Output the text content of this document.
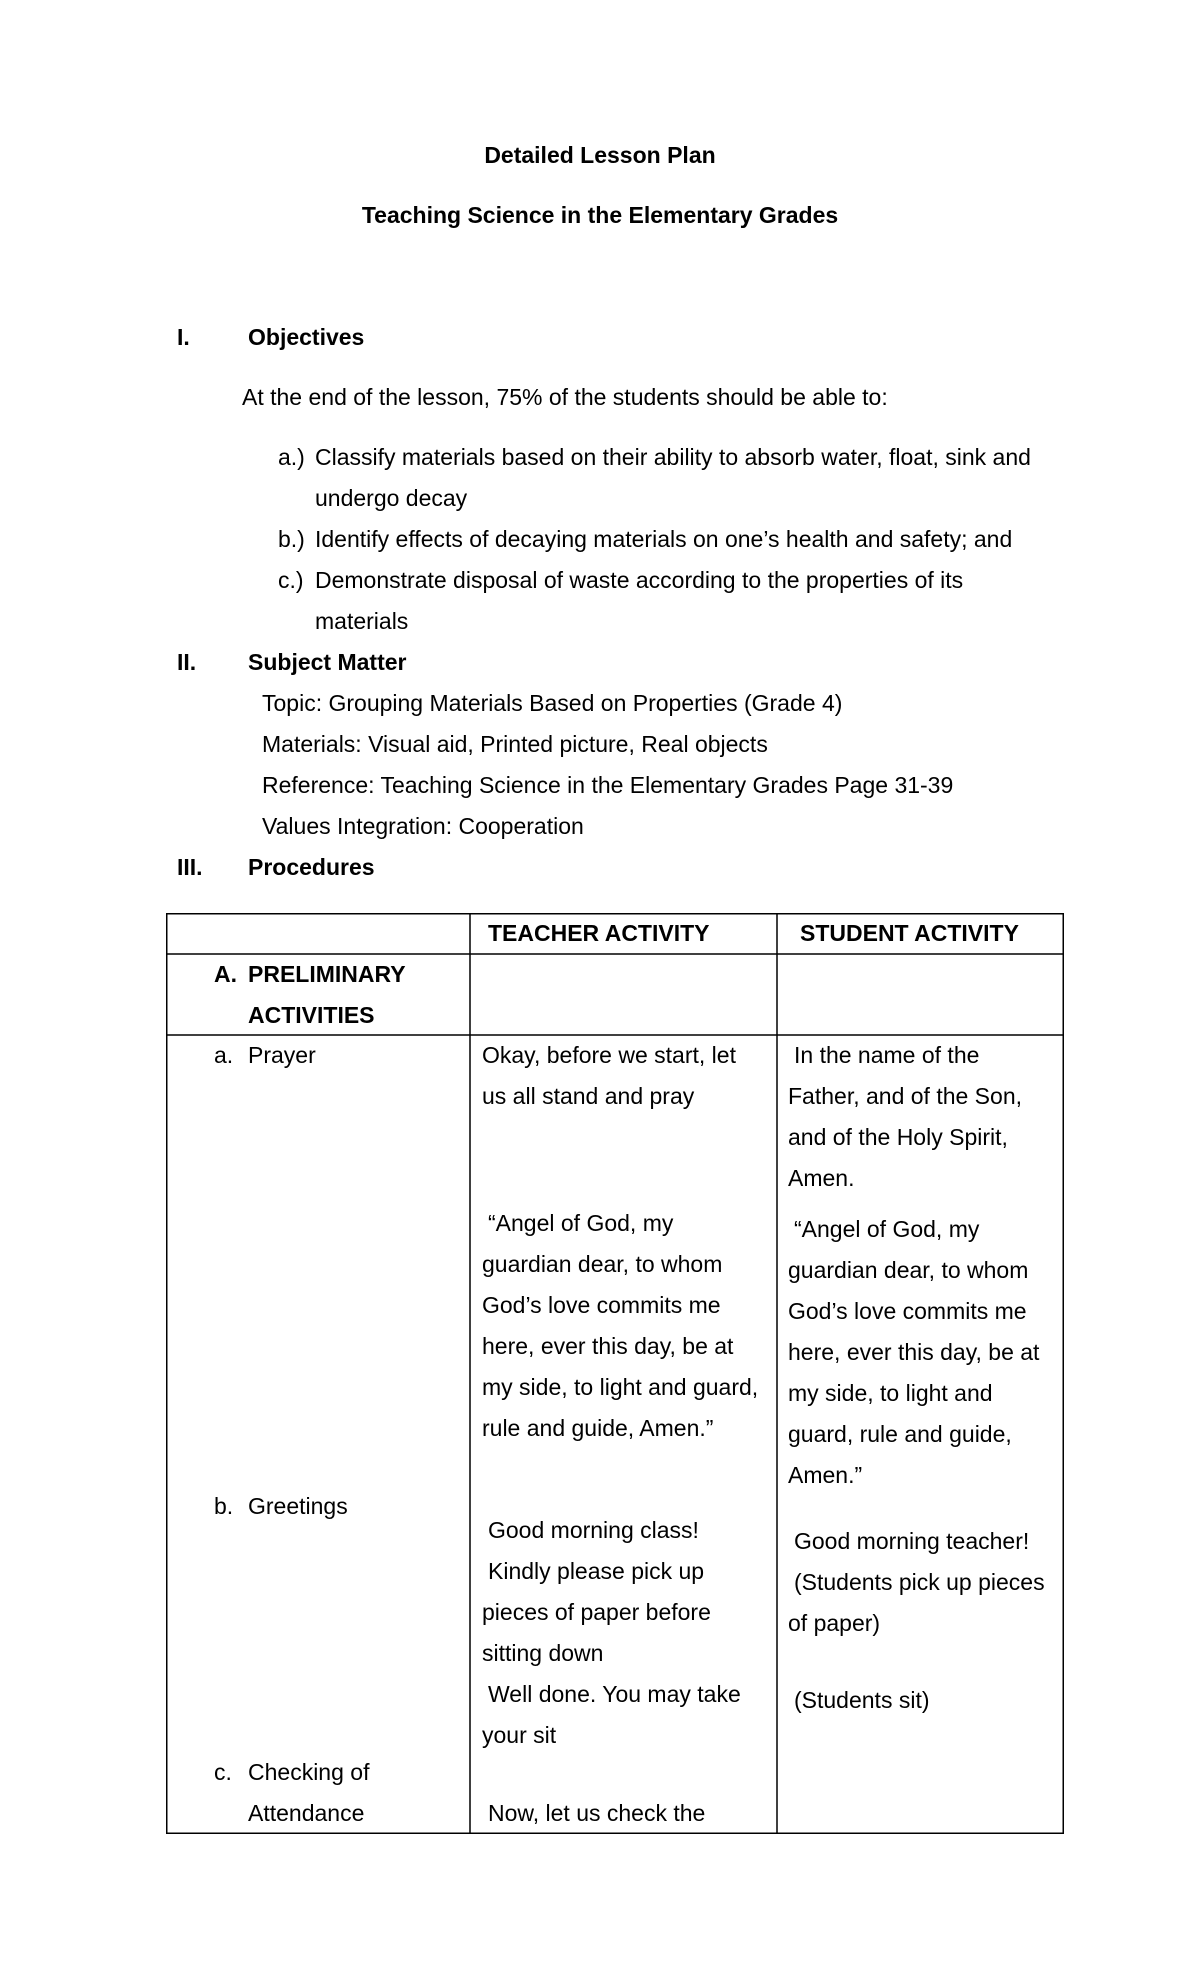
Detailed Lesson Plan
Teaching Science in the Elementary Grades
I.	Objectives
At the end of the lesson, 75% of the students should be able to:
a.) Classify materials based on their ability to absorb water, float, sink and
undergo decay
b.) Identify effects of decaying materials on one’s health and safety; and
c.) Demonstrate disposal of waste according to the properties of its
materials
II. Subject Matter
Topic: Grouping Materials Based on Properties (Grade 4)
Materials: Visual aid, Printed picture, Real objects
Reference: Teaching Science in the Elementary Grades Page 31-39
Values Integration: Cooperation
III. Procedures
TEACHER ACTIVITY	STUDENT ACTIVITY
A. PRELIMINARY
ACTIVITIES
a. Prayer
b. Greetings
c. Checking of
Attendance
Okay, before we start, let
us all stand and pray
“Angel of God, my
guardian dear, to whom
God’s love commits me
here, ever this day, be at
my side, to light and guard,
rule and guide, Amen.”
Good morning class!
Kindly please pick up
pieces of paper before
sitting down
Well done. You may take
your sit
Now, let us check the
In the name of the
Father, and of the Son,
and of the Holy Spirit,
Amen.
“Angel of God, my
guardian dear, to whom
God’s love commits me
here, ever this day, be at
my side, to light and
guard, rule and guide,
Amen.”
Good morning teacher!
(Students pick up pieces
of paper)
(Students sit)
